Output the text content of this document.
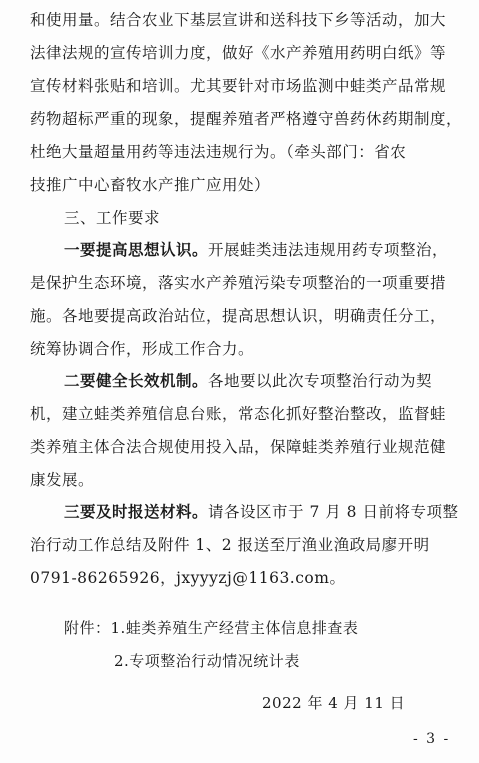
和使用量。结合农业下基层宣讲和送科技下乡等活动，加大
法律法规的宣传培训力度，做好《水产养殖用药明白纸》等
宣传材料张贴和培训。尤其要针对市场监测中蛙类产品常规
药物超标严重的现象，提醒养殖者严格遵守兽药休药期制度，
杜绝大量超量用药等违法违规行为。（牵头部门：省农
技推广中心畜牧水产推广应用处）
三、工作要求
一要提高思想认识。开展蛙类违法违规用药专项整治，
是保护生态环境，落实水产养殖污染专项整治的一项重要措
施。各地要提高政治站位，提高思想认识，明确责任分工，
统筹协调合作，形成工作合力。
二要健全长效机制。各地要以此次专项整治行动为契
机，建立蛙类养殖信息台账，常态化抓好整治整改，监督蛙
类养殖主体合法合规使用投入品，保障蛙类养殖行业规范健
康发展。
三要及时报送材料。请各设区市于 7 月 8 日前将专项整
治行动工作总结及附件 1、2 报送至厅渔业渔政局廖开明
0791-86265926，jxyyyzj@1163.com。
附件：1.蛙类养殖生产经营主体信息排查表
2.专项整治行动情况统计表
2022 年 4 月 11 日
- 3 -
